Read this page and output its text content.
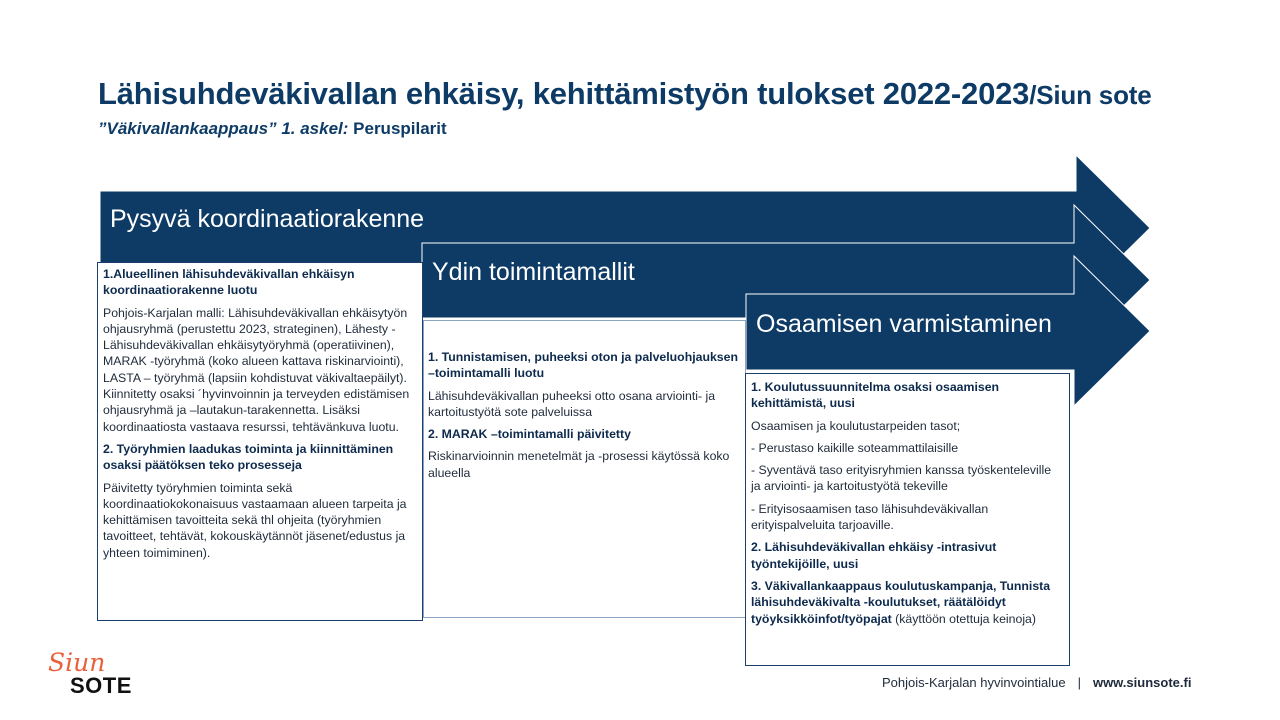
Lähisuhdeväkivallan ehkäisy, kehittämistyön tulokset 2022-2023/Siun sote
”Väkivallankaappaus” 1. askel: Peruspilarit
Pysyvä koordinaatiorakenne
Ydin toimintamallit
Osaamisen varmistaminen

1.Alueellinen lähisuhdeväkivallan ehkäisyn koordinaatiorakenne luotu

Pohjois-Karjalan malli: Lähisuhdeväkivallan ehkäisytyön ohjausryhmä (perustettu 2023, strateginen), Lähesty -Lähisuhdeväkivallan ehkäisytyöryhmä (operatiivinen), MARAK -työryhmä (koko alueen kattava riskinarviointi), LASTA – työryhmä (lapsiin kohdistuvat väkivaltaepäilyt). Kiinnitetty osaksi ´hyvinvoinnin ja terveyden edistämisen ohjausryhmä ja –lautakun-tarakennetta. Lisäksi koordinaatiosta vastaava resurssi, tehtävänkuva luotu.

2. Työryhmien laadukas toiminta ja kiinnittäminen osaksi päätöksen teko prosesseja

Päivitetty työryhmien toiminta sekä koordinaatiokokonaisuus vastaamaan alueen tarpeita ja kehittämisen tavoitteita sekä thl ohjeita (työryhmien tavoitteet, tehtävät, kokouskäytännöt jäsenet/edustus ja yhteen toimiminen).

1. Tunnistamisen, puheeksi oton ja palveluohjauksen –toimintamalli luotu

Lähisuhdeväkivallan puheeksi otto osana arviointi- ja kartoitustyötä sote palveluissa

2. MARAK –toimintamalli päivitetty

Riskinarvioinnin menetelmät ja -prosessi käytössä koko alueella

1. Koulutussuunnitelma osaksi osaamisen kehittämistä, uusi

Osaamisen ja koulutustarpeiden tasot;

- Perustaso kaikille soteammattilaisille

- Syventävä taso erityisryhmien kanssa työskenteleville ja arviointi- ja kartoitustyötä tekeville

- Erityisosaamisen taso lähisuhdeväkivallan erityispalveluita tarjoaville.

2. Lähisuhdeväkivallan ehkäisy -intrasivut työntekijöille, uusi

3. Väkivallankaappaus koulutuskampanja, Tunnista lähisuhdeväkivalta -koulutukset, räätälöidyt työyksikköinfot/työpajat (käyttöön otettuja keinoja)

Siun
SOTE	Pohjois-Karjalan hyvinvointialue | www.siunsote.fi
